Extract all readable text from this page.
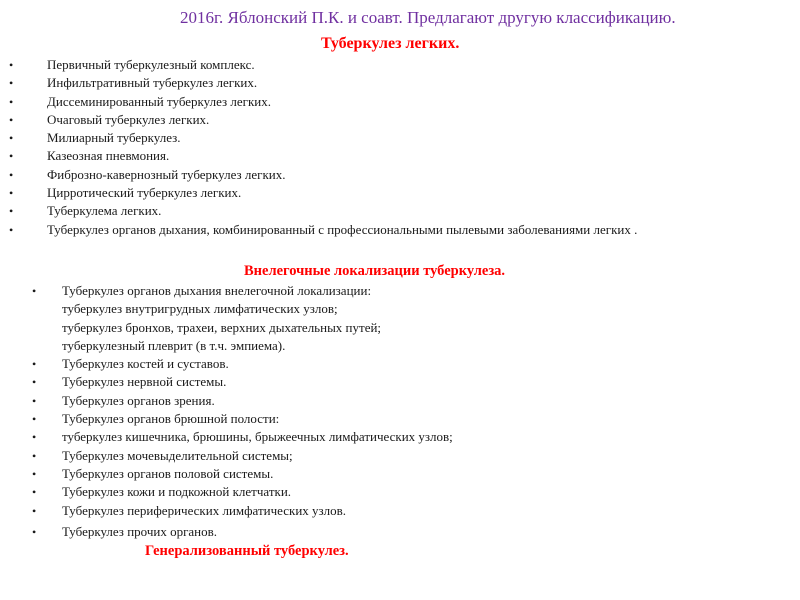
2016г. Яблонский П.К. и соавт. Предлагают другую классификацию.
Туберкулез легких.
•	Первичный туберкулезный комплекс.
•	Инфильтративный туберкулез легких.
•	Диссеминированный туберкулез легких.
•	Очаговый туберкулез легких.
•	Милиарный туберкулез.
•	Казеозная пневмония.
•	Фиброзно-кавернозный туберкулез легких.
•	Цирротический туберкулез легких.
•	Туберкулема легких.
•	Туберкулез органов дыхания, комбинированный с профессиональными пылевыми заболеваниями легких .
Внелегочные локализации туберкулеза.
• Туберкулез органов дыхания внелегочной локализации:
туберкулез внутригрудных лимфатических узлов;
туберкулез бронхов, трахеи, верхних дыхательных путей;
туберкулезный плеврит (в т.ч. эмпиема).
• Туберкулез костей и суставов.
• Туберкулез нервной системы.
• Туберкулез органов зрения.
• Туберкулез органов брюшной полости:
• туберкулез кишечника, брюшины, брыжеечных лимфатических узлов;
• Туберкулез мочевыделительной системы;
• Туберкулез органов половой системы.
• Туберкулез кожи и подкожной клетчатки.
• Туберкулез периферических лимфатических узлов.
• Туберкулез прочих органов.
Генерализованный туберкулез.
